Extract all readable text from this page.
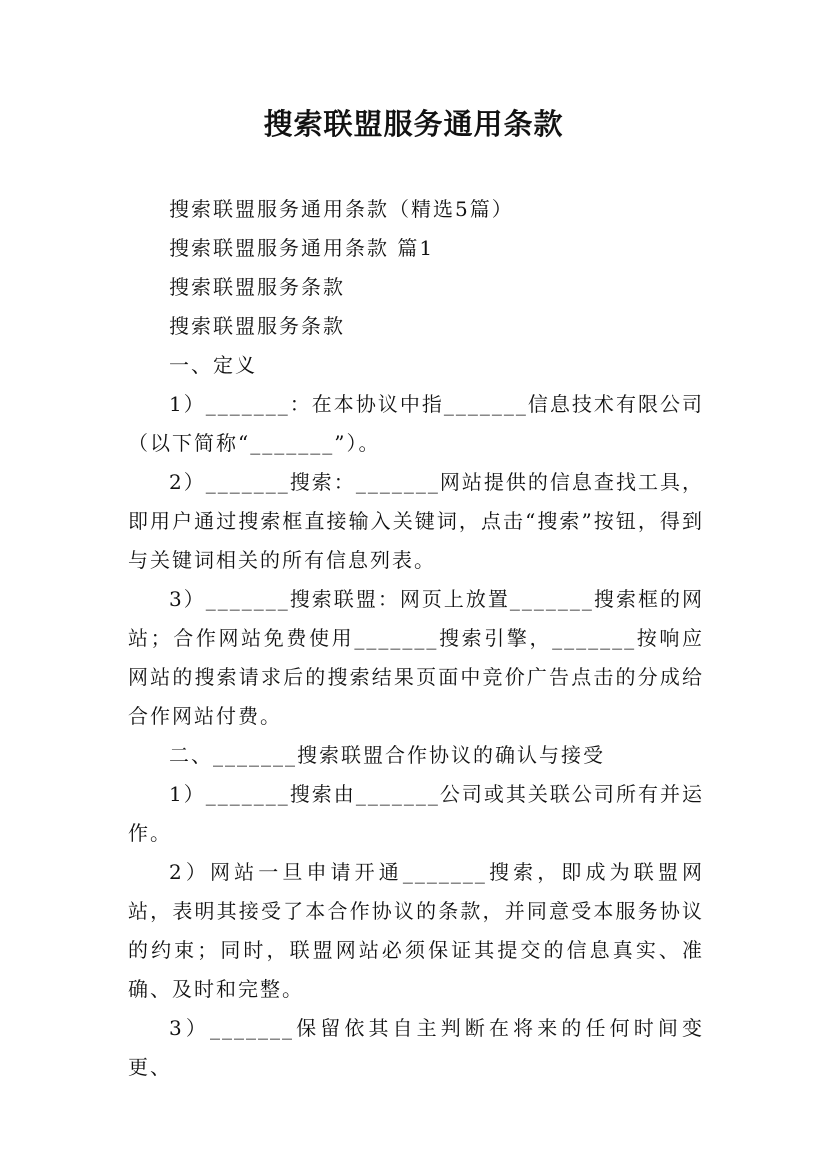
搜索联盟服务通用条款

搜索联盟服务通用条款（精选5篇）

搜索联盟服务通用条款 篇1

搜索联盟服务条款

搜索联盟服务条款

一、定义

1）_______：在本协议中指_______信息技术有限公司（以下简称“_______”）。

2）_______搜索：_______网站提供的信息查找工具，即用户通过搜索框直接输入关键词，点击“搜索”按钮，得到与关键词相关的所有信息列表。

3）_______搜索联盟：网页上放置_______搜索框的网站；合作网站免费使用_______搜索引擎，_______按响应网站的搜索请求后的搜索结果页面中竞价广告点击的分成给合作网站付费。

二、_______搜索联盟合作协议的确认与接受

1）_______搜索由_______公司或其关联公司所有并运作。

2）网站一旦申请开通_______搜索，即成为联盟网站，表明其接受了本合作协议的条款，并同意受本服务协议的约束；同时，联盟网站必须保证其提交的信息真实、准确、及时和完整。

3）_______保留依其自主判断在将来的任何时间变更、
